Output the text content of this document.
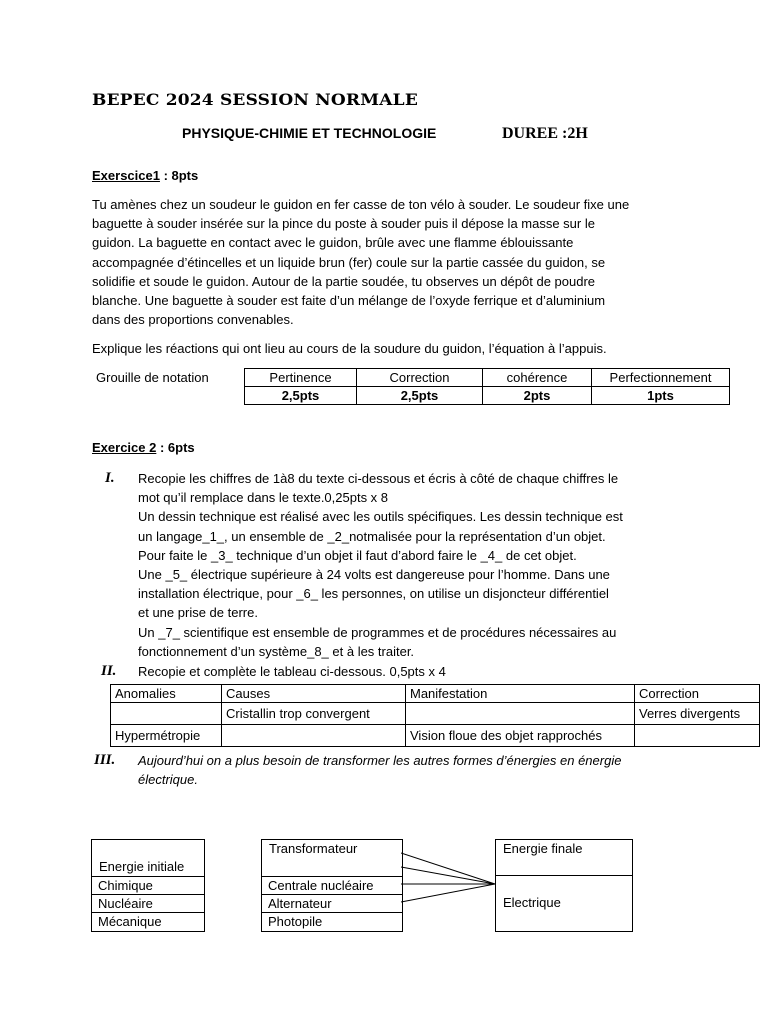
BEPEC 2024 SESSION NORMALE
PHYSIQUE-CHIMIE ET TECHNOLOGIE	DUREE :2H
Exerscice1 : 8pts
Tu amènes chez un soudeur le guidon en fer casse de ton vélo à souder. Le soudeur fixe une
baguette à souder insérée sur la pince du poste à souder puis il dépose la masse sur le
guidon. La baguette en contact avec le guidon, brûle avec une flamme éblouissante
accompagnée d’étincelles et un liquide brun (fer) coule sur la partie cassée du guidon, se
solidifie et soude le guidon. Autour de la partie soudée, tu observes un dépôt de poudre
blanche. Une baguette à souder est faite d’un mélange de l’oxyde ferrique et d’aluminium
dans des proportions convenables.
Explique les réactions qui ont lieu au cours de la soudure du guidon, l’équation à l’appuis.
Grouille de notation	Pertinence	Correction	cohérence	Perfectionnement
2,5pts	2,5pts	2pts	1pts
Exercice 2 : 6pts
I. Recopie les chiffres de 1à8 du texte ci-dessous et écris à côté de chaque chiffres le
mot qu’il remplace dans le texte.0,25pts x 8
Un dessin technique est réalisé avec les outils spécifiques. Les dessin technique est
un langage_1_, un ensemble de _2_notmalisée pour la représentation d’un objet.
Pour faite le _3_ technique d’un objet il faut d’abord faire le _4_ de cet objet.
Une _5_ électrique supérieure à 24 volts est dangereuse pour l’homme. Dans une
installation électrique, pour _6_ les personnes, on utilise un disjoncteur différentiel
et une prise de terre.
Un _7_ scientifique est ensemble de programmes et de procédures nécessaires au
fonctionnement d’un système_8_ et à les traiter.
II. Recopie et complète le tableau ci-dessous. 0,5pts x 4
Anomalies	Causes	Manifestation	Correction
	Cristallin trop convergent		Verres divergents
Hypermétropie		Vision floue des objet rapprochés	
III. Aujourd’hui on a plus besoin de transformer les autres formes d’énergies en énergie
électrique.
Energie initiale
Chimique
Nucléaire
Mécanique
Transformateur
Centrale nucléaire
Alternateur
Photopile
Energie finale
Electrique
